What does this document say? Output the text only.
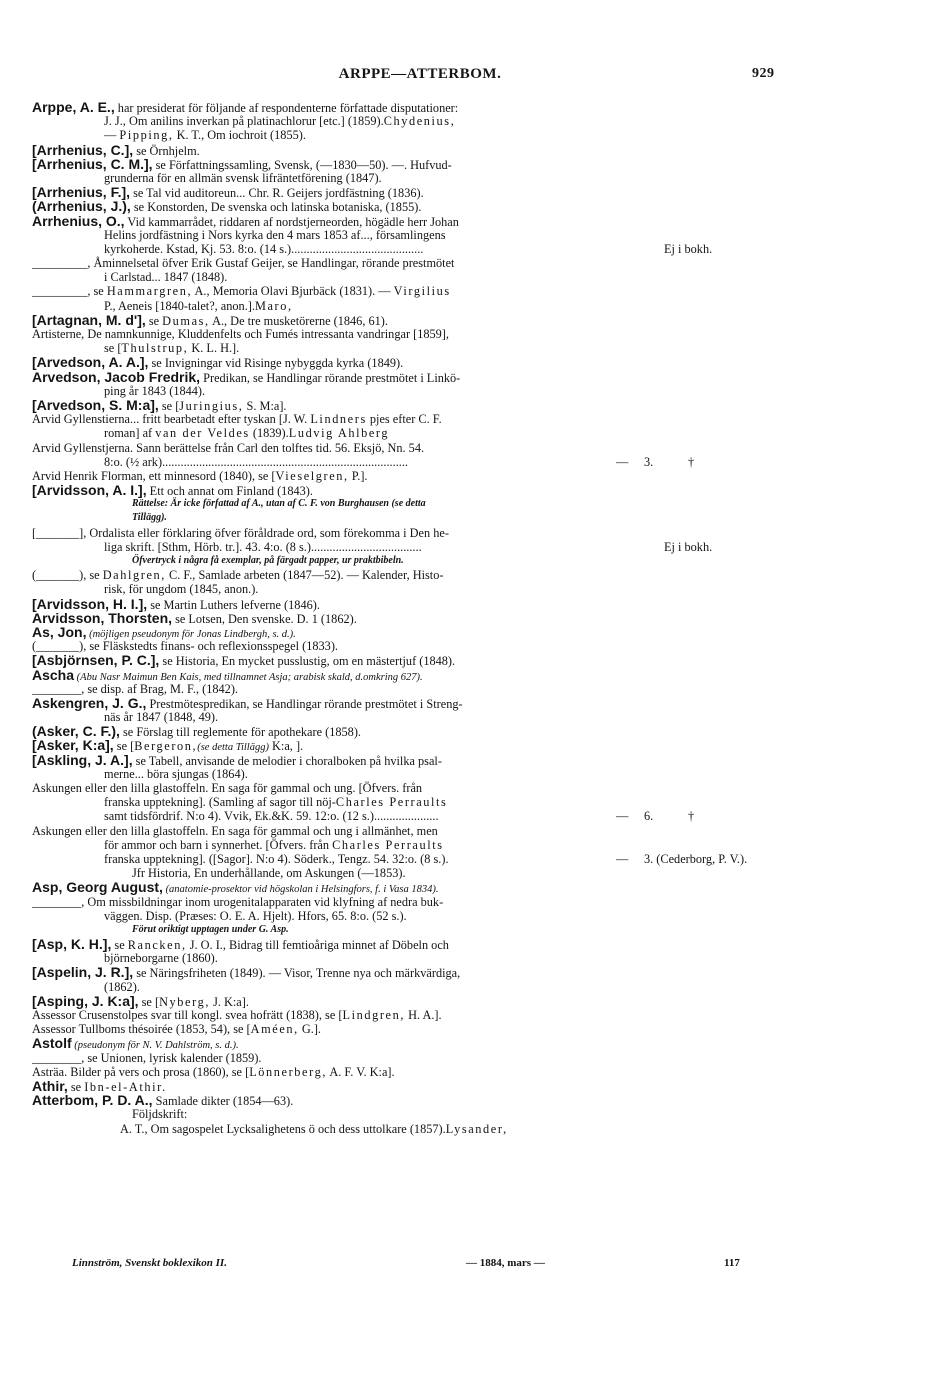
ARPPE—ATTERBOM.	929
Arppe, A. E., har presiderat för följande af respondenterne författade disputationer:
J. J., Om anilins inverkan på platinachlorur [etc.] (1859).Chydenius,
— Pipping, K. T., Om iochroit (1855).
[Arrhenius, C.], se Örnhjelm.
[Arrhenius, C. M.], se Författningssamling, Svensk, (—1830—50). —. Hufvud-
grunderna för en allmän svensk lifräntetförening (1847).
[Arrhenius, F.], se Tal vid auditoreun... Chr. R. Geijers jordfästning (1836).
(Arrhenius, J.), se Konstorden, De svenska och latinska botaniska, (1855).
Arrhenius, O., Vid kammarrådet, riddaren af nordstjerneorden, högädle herr Johan
Helins jordfästning i Nors kyrka den 4 mars 1853 af..., församlingens
kyrkoherde. Kstad, Kj. 53. 8:o. (14 s.)...........................................	Ej i bokh.
_________, Åminnelsetal öfver Erik Gustaf Geijer, se Handlingar, rörande prestmötet
i Carlstad... 1847 (1848).
_________, se Hammargren, A., Memoria Olavi Bjurbäck (1831). — Virgilius
P., Aeneis [1840-talet?, anon.].Maro,
[Artagnan, M. d'], se Dumas, A., De tre musketörerne (1846, 61).
Artisterne, De namnkunnige, Kluddenfelts och Fumés intressanta vandringar [1859],
se [Thulstrup, K. L. H.].
[Arvedson, A. A.], se Invigningar vid Risinge nybyggda kyrka (1849).
Arvedson, Jacob Fredrik, Predikan, se Handlingar rörande prestmötet i Linkö-
ping år 1843 (1844).
[Arvedson, S. M:a], se [Juringius, S. M:a].
Arvid Gyllenstierna... fritt bearbetadt efter tyskan [J. W. Lindners pjes efter C. F.
roman] af van der Veldes (1839).Ludvig Ahlberg
Arvid Gyllenstjerna. Sann berättelse från Carl den tolftes tid. 56. Eksjö, Nn. 54.
8:o. (½ ark)................................................................................	— 3.	†
Arvid Henrik Florman, ett minnesord (1840), se [Vieselgren, P.].
[Arvidsson, A. I.], Ett och annat om Finland (1843).
Rättelse: Är icke författad af A., utan af C. F. von Burghausen (se detta
Tillägg).
[_______], Ordalista eller förklaring öfver föråldrade ord, som förekomma i Den he-
liga skrift. [Sthm, Hörb. tr.]. 43. 4:o. (8 s.)....................................	Ej i bokh.
Öfvertryck i några få exemplar, på färgadt papper, ur praktbibeln.
(_______), se Dahlgren, C. F., Samlade arbeten (1847—52). — Kalender, Histo-
risk, för ungdom (1845, anon.).
[Arvidsson, H. I.], se Martin Luthers lefverne (1846).
Arvidsson, Thorsten, se Lotsen, Den svenske. D. 1 (1862).
As, Jon, (möjligen pseudonym för Jonas Lindbergh, s. d.).
(_______), se Fläskstedts finans- och reflexionsspegel (1833).
[Asbjörnsen, P. C.], se Historia, En mycket pusslustig, om en mästertjuf (1848).
Ascha (Abu Nasr Maimun Ben Kais, med tillnamnet Asja; arabisk skald, d.omkring 627).
________, se disp. af Brag, M. F., (1842).
Askengren, J. G., Prestmötespredikan, se Handlingar rörande prestmötet i Streng-
näs år 1847 (1848, 49).
(Asker, C. F.), se Förslag till reglemente för apothekare (1858).
[Asker, K:a], se [Bergeron,(se detta Tillägg) K:a, ].
[Askling, J. A.], se Tabell, anvisande de melodier i choralboken på hvilka psal-
merne... böra sjungas (1864).
Askungen eller den lilla glastoffeln. En saga för gammal och ung. [Öfvers. från
franska upptekning]. (Samling af sagor till nöj-Charles Perraults
samt tidsfördrif. N:o 4). Vvik, Ek.&K. 59. 12:o. (12 s.).....................	— 6.	†
Askungen eller den lilla glastoffeln. En saga för gammal och ung i allmänhet, men
för ammor och barn i synnerhet. [Öfvers. från Charles Perraults
franska upptekning]. ([Sagor]. N:o 4). Söderk., Tengz. 54. 32:o. (8 s.).	— 3. (Cederborg, P. V.).
Jfr Historia, En underhållande, om Askungen (—1853).
Asp, Georg August, (anatomie-prosektor vid högskolan i Helsingfors, f. i Vasa 1834).
________, Om missbildningar inom urogenitalapparaten vid klyfning af nedra buk-
väggen. Disp. (Præses: O. E. A. Hjelt). Hfors, 65. 8:o. (52 s.).
Förut oriktigt upptagen under G. Asp.
[Asp, K. H.], se Rancken, J. O. I., Bidrag till femtioåriga minnet af Döbeln och
björneborgarne (1860).
[Aspelin, J. R.], se Näringsfriheten (1849). — Visor, Trenne nya och märkvärdiga,
(1862).
[Asping, J. K:a], se [Nyberg, J. K:a].
Assessor Crusenstolpes svar till kongl. svea hofrätt (1838), se [Lindgren, H. A.].
Assessor Tullboms thésoirée (1853, 54), se [Améen, G.].
Astolf (pseudonym för N. V. Dahlström, s. d.).
________, se Unionen, lyrisk kalender (1859).
Asträa. Bilder på vers och prosa (1860), se [Lönnerberg, A. F. V. K:a].
Athir, se Ibn-el-Athir.
Atterbom, P. D. A., Samlade dikter (1854—63).
Följdskrift:
A. T., Om sagospelet Lycksalighetens ö och dess uttolkare (1857).Lysander,
Linnström, Svenskt boklexikon II.	— 1884, mars —	117
